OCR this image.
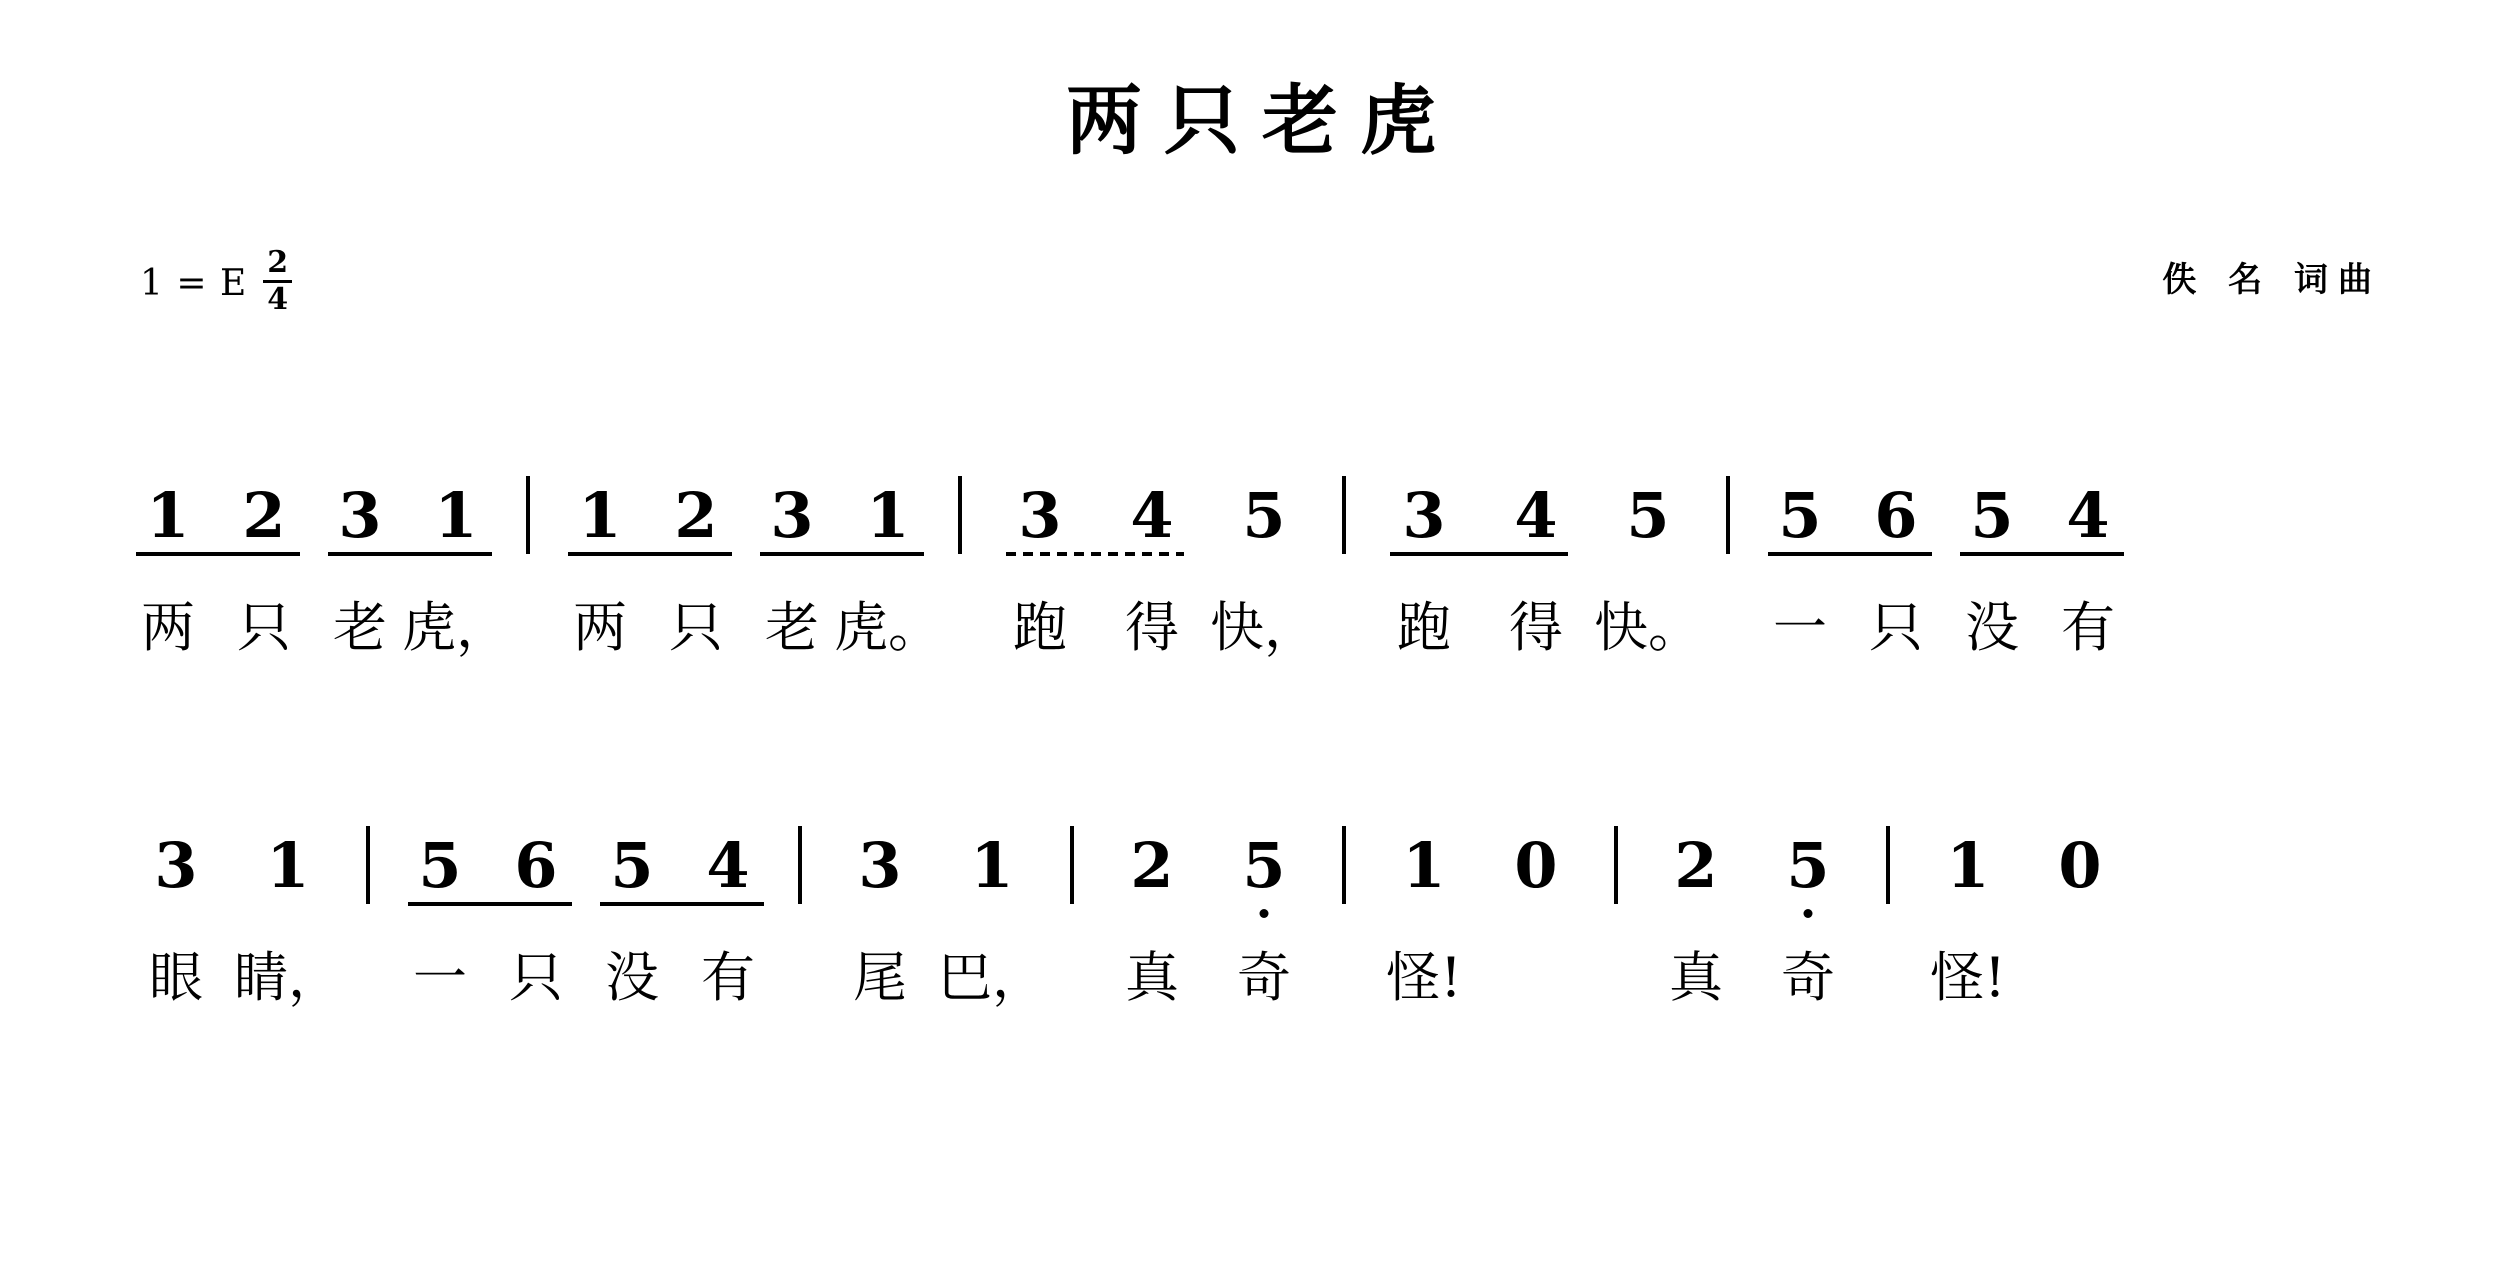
两只老虎
1 = E $\frac{2}{4}$	佚 名 词曲
1
两
2
只
3
老
1
虎，
1
两
2
只
3
老
1
虎。
3
跑
4
得
5
快，
3
跑
4
得
5
快。
5
一
6
只
5
没
4
有
3
眼
1
睛，
5
一
6
只
5
没
4
有
3
尾
1
巴，
2
真
5
奇
1
怪!
0 2
真
5
奇
1
怪!
0
